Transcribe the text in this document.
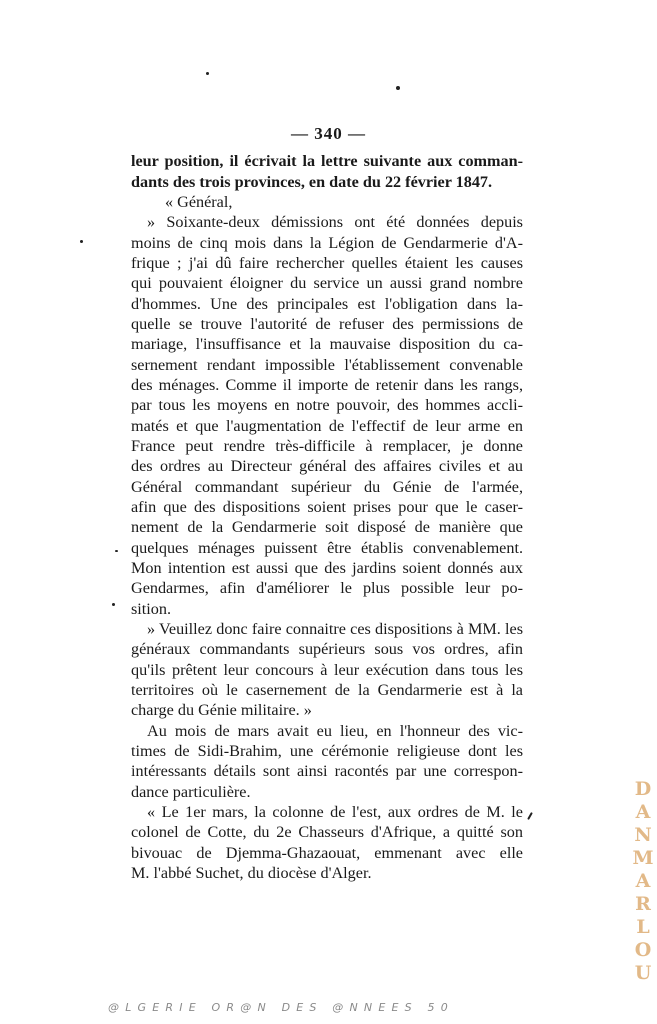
— 340 —
leur position, il écrivait la lettre suivante aux comman-
dants des trois provinces, en date du 22 février 1847.
« Général,
» Soixante-deux démissions ont été données depuis
moins de cinq mois dans la Légion de Gendarmerie d'A-
frique ; j'ai dû faire rechercher quelles étaient les causes
qui pouvaient éloigner du service un aussi grand nombre
d'hommes. Une des principales est l'obligation dans la-
quelle se trouve l'autorité de refuser des permissions de
mariage, l'insuffisance et la mauvaise disposition du ca-
sernement rendant impossible l'établissement convenable
des ménages. Comme il importe de retenir dans les rangs,
par tous les moyens en notre pouvoir, des hommes accli-
matés et que l'augmentation de l'effectif de leur arme en
France peut rendre très-difficile à remplacer, je donne
des ordres au Directeur général des affaires civiles et au
Général commandant supérieur du Génie de l'armée,
afin que des dispositions soient prises pour que le caser-
nement de la Gendarmerie soit disposé de manière que
quelques ménages puissent être établis convenablement.
Mon intention est aussi que des jardins soient donnés aux
Gendarmes, afin d'améliorer le plus possible leur po-
sition.
» Veuillez donc faire connaitre ces dispositions à MM. les
généraux commandants supérieurs sous vos ordres, afin
qu'ils prêtent leur concours à leur exécution dans tous les
territoires où le casernement de la Gendarmerie est à la
charge du Génie militaire. »
Au mois de mars avait eu lieu, en l'honneur des vic-
times de Sidi-Brahim, une cérémonie religieuse dont les
intéressants détails sont ainsi racontés par une correspon-
dance particulière.
« Le 1er mars, la colonne de l'est, aux ordres de M. le
colonel de Cotte, du 2e Chasseurs d'Afrique, a quitté son
bivouac de Djemma-Ghazaouat, emmenant avec elle
M. l'abbé Suchet, du diocèse d'Alger.
DANMARLOU
@LGERIE OR@N DES @NNEES 50
